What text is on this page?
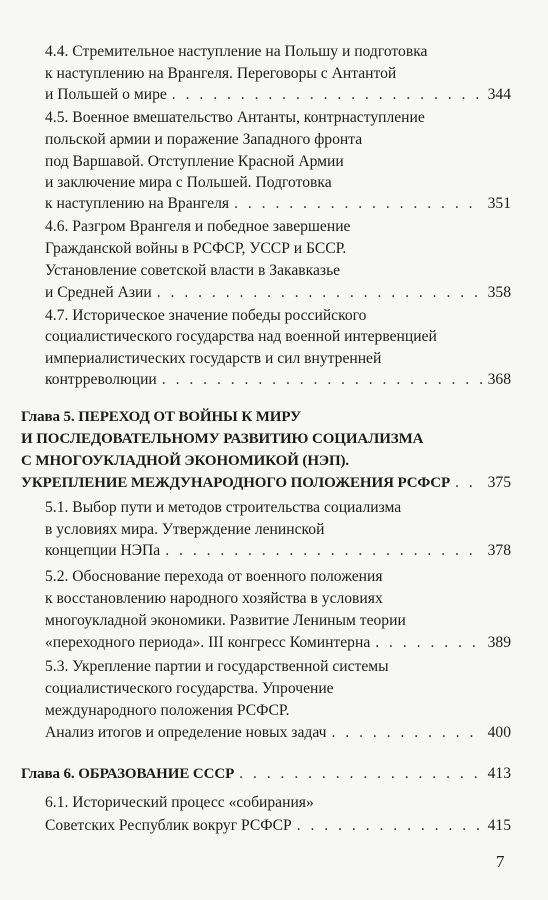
4.4. Стремительное наступление на Польшу и подготовка
к наступлению на Врангеля. Переговоры с Антантой
и Польшей о мире . . .	344
4.5. Военное вмешательство Антанты, контрнаступление
польской армии и поражение Западного фронта
под Варшавой. Отступление Красной Армии
и заключение мира с Польшей. Подготовка
к наступлению на Врангеля . . .	351
4.6. Разгром Врангеля и победное завершение
Гражданской войны в РСФСР, УССР и БССР.
Установление советской власти в Закавказье
и Средней Азии . . .	358
4.7. Историческое значение победы российского
социалистического государства над военной интервенцией
империалистических государств и сил внутренней
контрреволюции . . .	368
Глава 5. ПЕРЕХОД ОТ ВОЙНЫ К МИРУ
И ПОСЛЕДОВАТЕЛЬНОМУ РАЗВИТИЮ СОЦИАЛИЗМА
С МНОГОУКЛАДНОЙ ЭКОНОМИКОЙ (НЭП).
УКРЕПЛЕНИЕ МЕЖДУНАРОДНОГО ПОЛОЖЕНИЯ РСФСР . . . 375
5.1. Выбор пути и методов строительства социализма
в условиях мира. Утверждение ленинской
концепции НЭПа . . .	378
5.2. Обоснование перехода от военного положения
к восстановлению народного хозяйства в условиях
многоукладной экономики. Развитие Лениным теории
«переходного периода». III конгресс Коминтерна . . .	389
5.3. Укрепление партии и государственной системы
социалистического государства. Упрочение
международного положения РСФСР.
Анализ итогов и определение новых задач . . .	400
Глава 6. ОБРАЗОВАНИЕ СССР . . .	413
6.1. Исторический процесс «собирания»
Советских Республик вокруг РСФСР . . .	415
7
